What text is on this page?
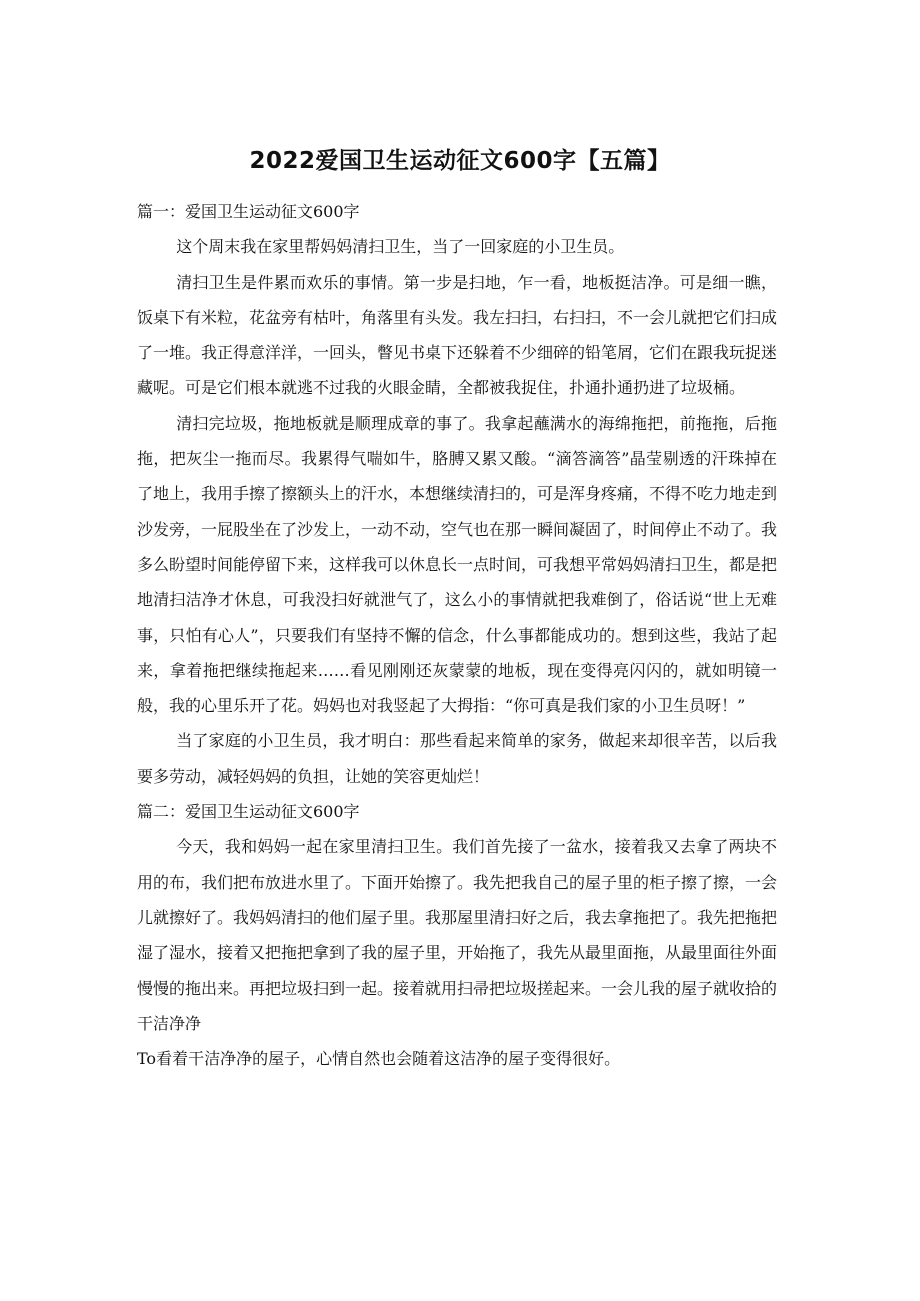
2022爱国卫生运动征文600字【五篇】

篇一：爱国卫生运动征文600字

这个周末我在家里帮妈妈清扫卫生，当了一回家庭的小卫生员。

清扫卫生是件累而欢乐的事情。第一步是扫地，乍一看，地板挺洁净。可是细一瞧，饭桌下有米粒，花盆旁有枯叶，角落里有头发。我左扫扫，右扫扫，不一会儿就把它们扫成了一堆。我正得意洋洋，一回头，瞥见书桌下还躲着不少细碎的铅笔屑，它们在跟我玩捉迷藏呢。可是它们根本就逃不过我的火眼金睛，全都被我捉住，扑通扑通扔进了垃圾桶。

清扫完垃圾，拖地板就是顺理成章的事了。我拿起蘸满水的海绵拖把，前拖拖，后拖拖，把灰尘一拖而尽。我累得气喘如牛，胳膊又累又酸。“滴答滴答”晶莹剔透的汗珠掉在了地上，我用手擦了擦额头上的汗水，本想继续清扫的，可是浑身疼痛，不得不吃力地走到沙发旁，一屁股坐在了沙发上，一动不动，空气也在那一瞬间凝固了，时间停止不动了。我多么盼望时间能停留下来，这样我可以休息长一点时间，可我想平常妈妈清扫卫生，都是把地清扫洁净才休息，可我没扫好就泄气了，这么小的事情就把我难倒了，俗话说“世上无难事，只怕有心人”，只要我们有坚持不懈的信念，什么事都能成功的。想到这些，我站了起来，拿着拖把继续拖起来……看见刚刚还灰蒙蒙的地板，现在变得亮闪闪的，就如明镜一般，我的心里乐开了花。妈妈也对我竖起了大拇指：“你可真是我们家的小卫生员呀！”

当了家庭的小卫生员，我才明白：那些看起来简单的家务，做起来却很辛苦，以后我要多劳动，减轻妈妈的负担，让她的笑容更灿烂！

篇二：爱国卫生运动征文600字

今天，我和妈妈一起在家里清扫卫生。我们首先接了一盆水，接着我又去拿了两块不用的布，我们把布放进水里了。下面开始擦了。我先把我自己的屋子里的柜子擦了擦，一会儿就擦好了。我妈妈清扫的他们屋子里。我那屋里清扫好之后，我去拿拖把了。我先把拖把湿了湿水，接着又把拖把拿到了我的屋子里，开始拖了，我先从最里面拖，从最里面往外面慢慢的拖出来。再把垃圾扫到一起。接着就用扫帚把垃圾搓起来。一会儿我的屋子就收拾的干洁净净

To看着干洁净净的屋子，心情自然也会随着这洁净的屋子变得很好。
